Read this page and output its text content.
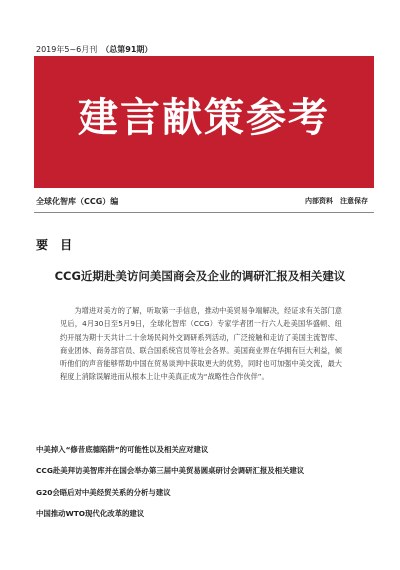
2019年5~6月刊 （总第91期）
建言献策参考
全球化智库（CCG）编	内部资料　注意保存
要 目
CCG近期赴美访问美国商会及企业的调研汇报及相关建议

为增进对美方的了解，听取第一手信息，推动中美贸易争端解决，经证求有关部门意见后，4月30日至5月9日，全球化智库（CCG）专家学者团一行六人赴美国华盛顿、纽约开展为期十天共计二十余场民间外交调研系列活动，广泛接触和走访了美国主流智库、商业团体、商务部官员、联合国系统官员等社会各界。美国商业界在华拥有巨大利益，倾听他们的声音能够帮助中国在贸易谈判中获取更大的优势，同时也可加强中美交流，最大程度上消除误解进而从根本上让中美真正成为“战略性合作伙伴”。

中美掉入“修昔底德陷阱”的可能性以及相关应对建议
CCG赴美拜访美智库并在国会举办第三届中美贸易圆桌研讨会调研汇报及相关建议
G20会晤后对中美经贸关系的分析与建议
中国推动WTO现代化改革的建议
